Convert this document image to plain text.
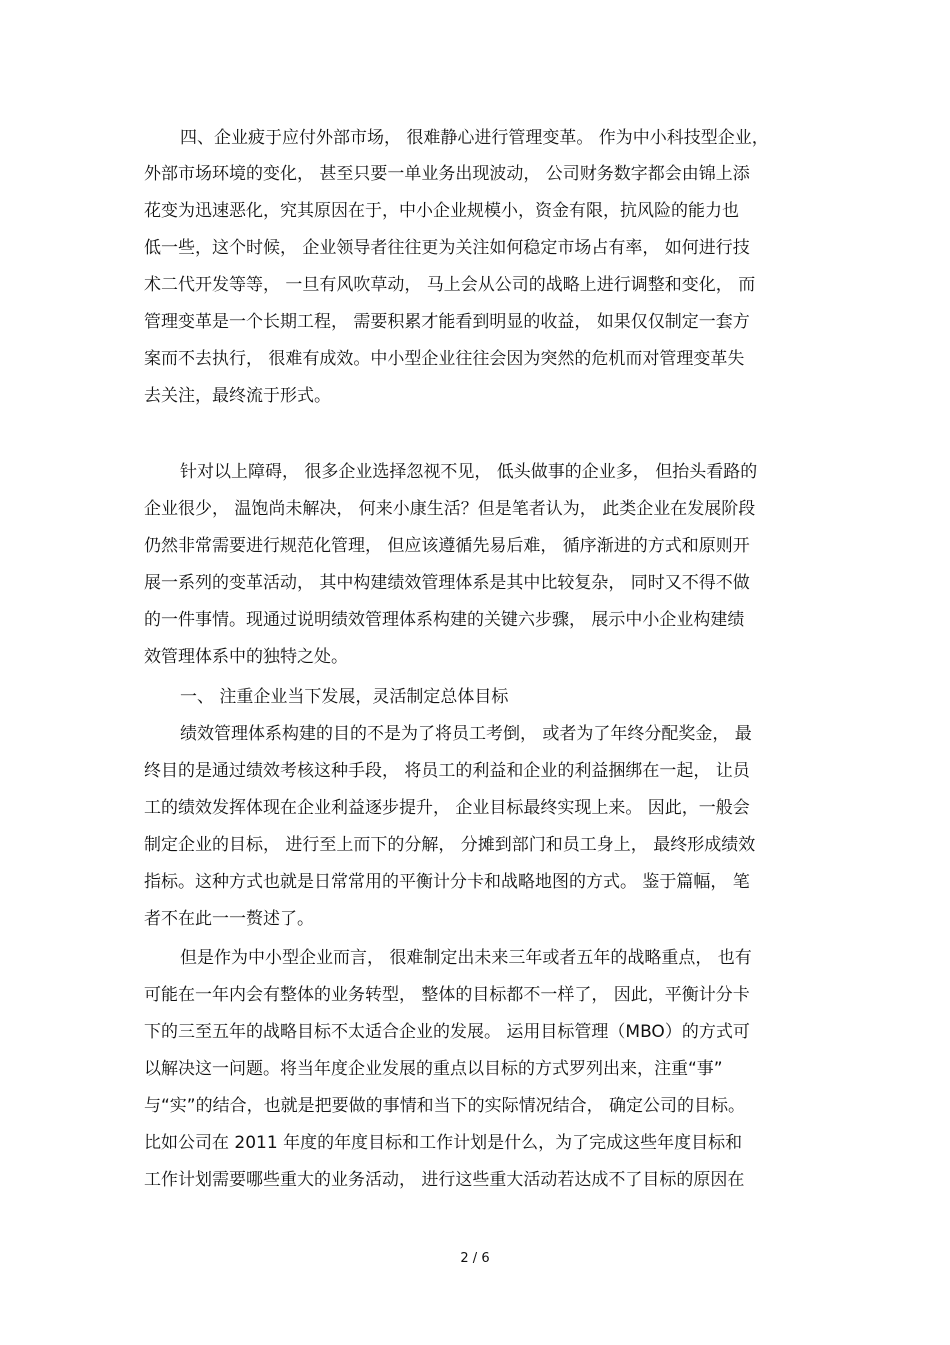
四、企业疲于应付外部市场， 很难静心进行管理变革。 作为中小科技型企业，
外部市场环境的变化， 甚至只要一单业务出现波动， 公司财务数字都会由锦上添
花变为迅速恶化，究其原因在于，中小企业规模小，资金有限，抗风险的能力也
低一些，这个时候， 企业领导者往往更为关注如何稳定市场占有率， 如何进行技
术二代开发等等， 一旦有风吹草动， 马上会从公司的战略上进行调整和变化， 而
管理变革是一个长期工程， 需要积累才能看到明显的收益， 如果仅仅制定一套方
案而不去执行， 很难有成效。中小型企业往往会因为突然的危机而对管理变革失
去关注，最终流于形式。
针对以上障碍， 很多企业选择忽视不见， 低头做事的企业多， 但抬头看路的
企业很少， 温饱尚未解决， 何来小康生活？但是笔者认为， 此类企业在发展阶段
仍然非常需要进行规范化管理， 但应该遵循先易后难， 循序渐进的方式和原则开
展一系列的变革活动， 其中构建绩效管理体系是其中比较复杂， 同时又不得不做
的一件事情。现通过说明绩效管理体系构建的关键六步骤， 展示中小企业构建绩
效管理体系中的独特之处。
一、 注重企业当下发展，灵活制定总体目标
绩效管理体系构建的目的不是为了将员工考倒， 或者为了年终分配奖金， 最
终目的是通过绩效考核这种手段， 将员工的利益和企业的利益捆绑在一起， 让员
工的绩效发挥体现在企业利益逐步提升， 企业目标最终实现上来。 因此，一般会
制定企业的目标， 进行至上而下的分解， 分摊到部门和员工身上， 最终形成绩效
指标。这种方式也就是日常常用的平衡计分卡和战略地图的方式。 鉴于篇幅， 笔
者不在此一一赘述了。
但是作为中小型企业而言， 很难制定出未来三年或者五年的战略重点， 也有
可能在一年内会有整体的业务转型， 整体的目标都不一样了， 因此，平衡计分卡
下的三至五年的战略目标不太适合企业的发展。 运用目标管理（MBO）的方式可
以解决这一问题。将当年度企业发展的重点以目标的方式罗列出来，注重“事”
与“实”的结合，也就是把要做的事情和当下的实际情况结合， 确定公司的目标。
比如公司在 2011 年度的年度目标和工作计划是什么，为了完成这些年度目标和
工作计划需要哪些重大的业务活动， 进行这些重大活动若达成不了目标的原因在
2 / 6
